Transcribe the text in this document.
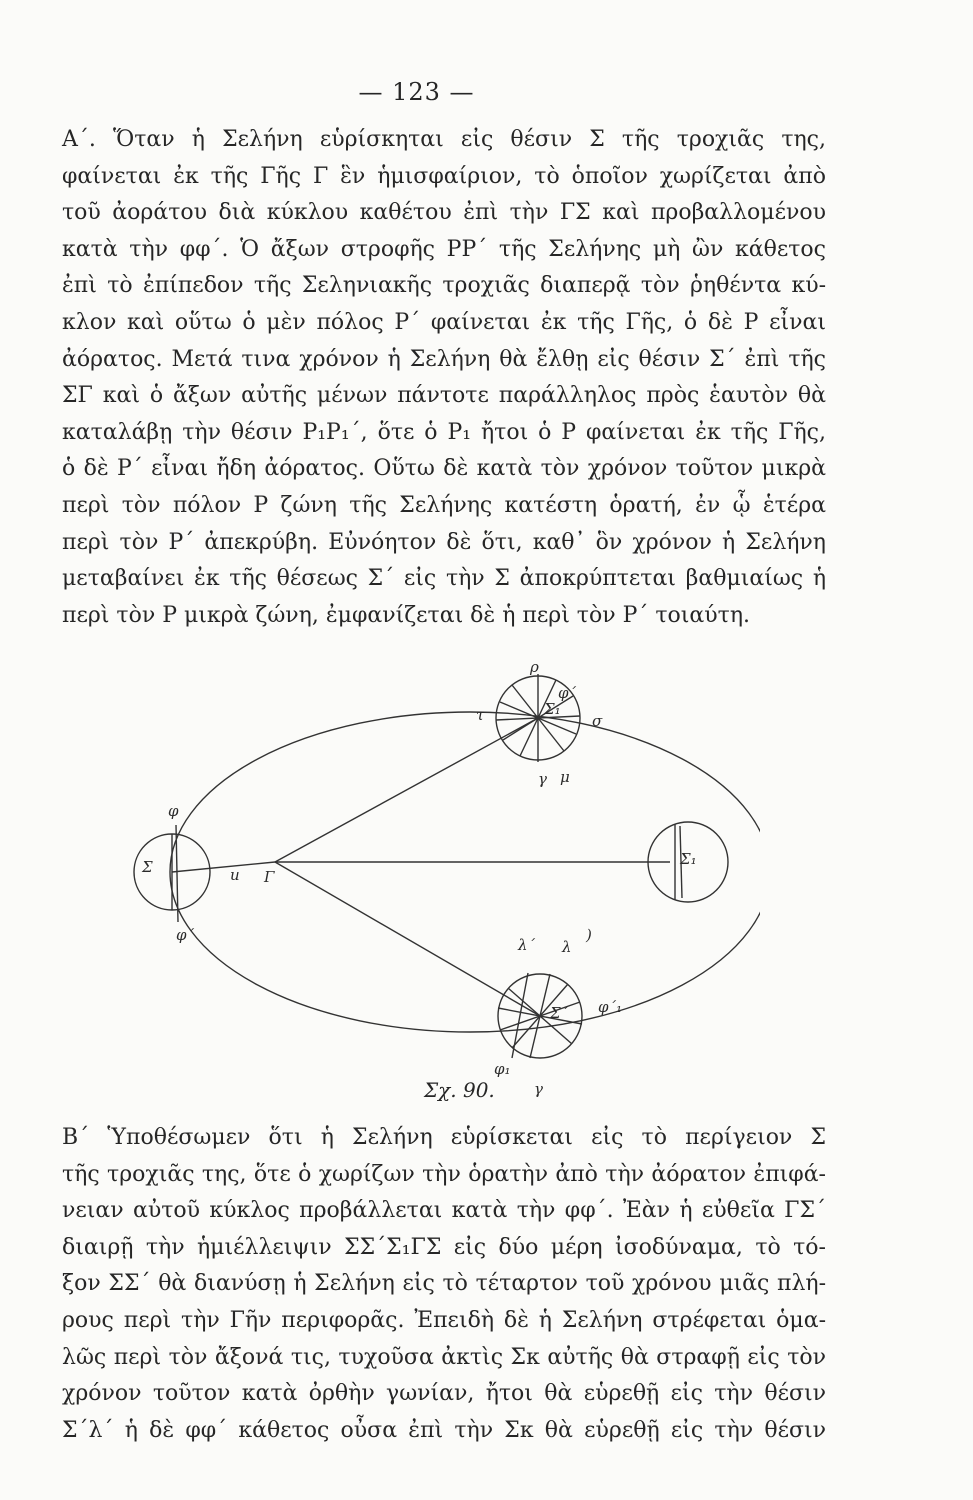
— 123 —
Α΄. Ὅταν ἡ Σελήνη εὑρίσκηται εἰς θέσιν Σ τῆς τροχιᾶς της,
φαίνεται ἐκ τῆς Γῆς Γ ἓν ἡμισφαίριον, τὸ ὁποῖον χωρίζεται ἀπὸ
τοῦ ἀοράτου διὰ κύκλου καθέτου ἐπὶ τὴν ΓΣ καὶ προβαλλομένου
κατὰ τὴν φφ΄. Ὁ ἄξων στροφῆς ΡΡ΄ τῆς Σελήνης μὴ ὢν κάθετος
ἐπὶ τὸ ἐπίπεδον τῆς Σεληνιακῆς τροχιᾶς διαπερᾷ τὸν ῥηθέντα κύ-
κλον καὶ οὕτω ὁ μὲν πόλος Ρ΄ φαίνεται ἐκ τῆς Γῆς, ὁ δὲ Ρ εἶναι
ἀόρατος. Μετά τινα χρόνον ἡ Σελήνη θὰ ἔλθῃ εἰς θέσιν Σ΄ ἐπὶ τῆς
ΣΓ καὶ ὁ ἄξων αὐτῆς μένων πάντοτε παράλληλος πρὸς ἑαυτὸν θὰ
καταλάβῃ τὴν θέσιν Ρ₁Ρ₁΄, ὅτε ὁ Ρ₁ ἤτοι ὁ Ρ φαίνεται ἐκ τῆς Γῆς,
ὁ δὲ Ρ΄ εἶναι ἤδη ἀόρατος. Οὕτω δὲ κατὰ τὸν χρόνον τοῦτον μικρὰ
περὶ τὸν πόλον Ρ ζώνη τῆς Σελήνης κατέστη ὁρατή, ἐν ᾧ ἑτέρα
περὶ τὸν Ρ΄ ἀπεκρύβη. Εὐνόητον δὲ ὅτι, καθ᾽ ὃν χρόνον ἡ Σελήνη
μεταβαίνει ἐκ τῆς θέσεως Σ΄ εἰς τὴν Σ ἀποκρύπτεται βαθμιαίως ἡ
περὶ τὸν Ρ μικρὰ ζώνη, ἐμφανίζεται δὲ ἡ περὶ τὸν Ρ΄ τοιαύτη.
Σ
φ
φ΄
u Γ
ρ
τ	Σ₁
σ
φ΄
γ μ
Σ₁
λ΄ λ
)
φ΄₁
Σ΄
φ₁
γ
Σχ. 90.
Β΄ Ὑποθέσωμεν ὅτι ἡ Σελήνη εὑρίσκεται εἰς τὸ περίγειον Σ
τῆς τροχιᾶς της, ὅτε ὁ χωρίζων τὴν ὁρατὴν ἀπὸ τὴν ἀόρατον ἐπιφά-
νειαν αὐτοῦ κύκλος προβάλλεται κατὰ τὴν φφ΄. Ἐὰν ἡ εὐθεῖα ΓΣ΄
διαιρῇ τὴν ἡμιέλλειψιν ΣΣ΄Σ₁ΓΣ εἰς δύο μέρη ἰσοδύναμα, τὸ τό-
ξον ΣΣ΄ θὰ διανύσῃ ἡ Σελήνη εἰς τὸ τέταρτον τοῦ χρόνου μιᾶς πλή-
ρους περὶ τὴν Γῆν περιφορᾶς. Ἐπειδὴ δὲ ἡ Σελήνη στρέφεται ὁμα-
λῶς περὶ τὸν ἄξονά τις, τυχοῦσα ἀκτὶς Σκ αὐτῆς θὰ στραφῇ εἰς τὸν
χρόνον τοῦτον κατὰ ὀρθὴν γωνίαν, ἤτοι θὰ εὑρεθῇ εἰς τὴν θέσιν
Σ΄λ΄ ἡ δὲ φφ΄ κάθετος οὖσα ἐπὶ τὴν Σκ θὰ εὑρεθῇ εἰς τὴν θέσιν
